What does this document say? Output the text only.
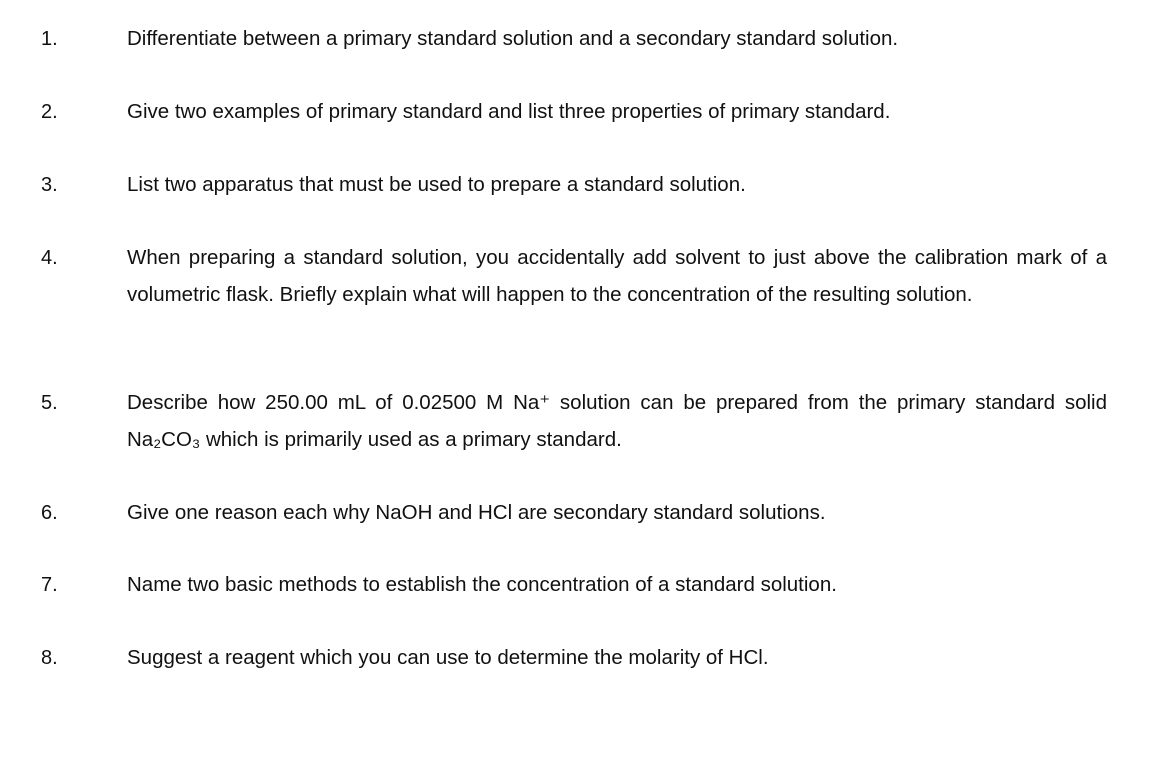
1.	Differentiate between a primary standard solution and a secondary standard solution.

2.	Give two examples of primary standard and list three properties of primary standard.

3.	List two apparatus that must be used to prepare a standard solution.

4.	When preparing a standard solution, you accidentally add solvent to just above the calibration mark of a volumetric flask. Briefly explain what will happen to the concentration of the resulting solution.

5.	Describe how 250.00 mL of 0.02500 M Na⁺ solution can be prepared from the primary standard solid Na₂CO₃ which is primarily used as a primary standard.

6.	Give one reason each why NaOH and HCl are secondary standard solutions.

7.	Name two basic methods to establish the concentration of a standard solution.

8.	Suggest a reagent which you can use to determine the molarity of HCl.
